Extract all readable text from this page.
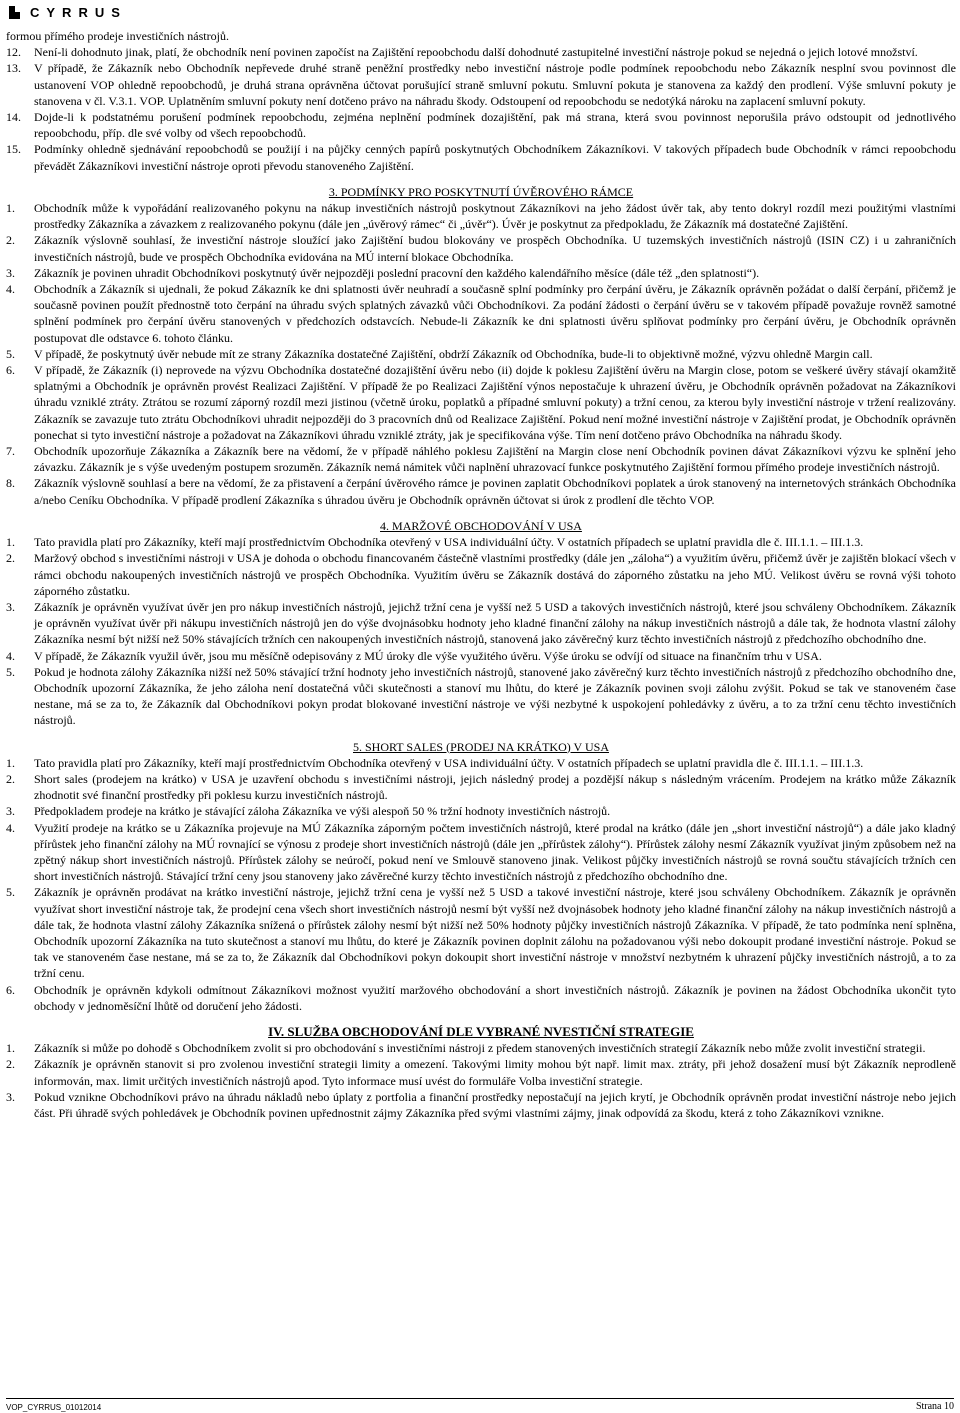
CYRRUS

formou přímého prodeje investičních nástrojů.

12. Není-li dohodnuto jinak, platí, že obchodník není povinen započíst na Zajištění repoobchodu další dohodnuté zastupitelné investiční nástroje pokud se nejedná o jejich lotové množství.

13. V případě, že Zákazník nebo Obchodník nepřevede druhé straně peněžní prostředky nebo investiční nástroje podle podmínek repoobchodu nebo Zákazník nesplní svou povinnost dle ustanovení VOP ohledně repoobchodů, je druhá strana oprávněna účtovat porušující straně smluvní pokutu. Smluvní pokuta je stanovena za každý den prodlení. Výše smluvní pokuty je stanovena v čl. V.3.1. VOP. Uplatněním smluvní pokuty není dotčeno právo na náhradu škody. Odstoupení od repoobchodu se nedotýká nároku na zaplacení smluvní pokuty.

14. Dojde-li k podstatnému porušení podmínek repoobchodu, zejména neplnění podmínek dozajištění, pak má strana, která svou povinnost neporušila právo odstoupit od jednotlivého repoobchodu, příp. dle své volby od všech repoobchodů.

15. Podmínky ohledně sjednávání repoobchodů se použijí i na půjčky cenných papírů poskytnutých Obchodníkem Zákazníkovi. V takových případech bude Obchodník v rámci repoobchodu převádět Zákazníkovi investiční nástroje oproti převodu stanoveného Zajištění.

3. PODMÍNKY PRO POSKYTNUTÍ ÚVĚROVÉHO RÁMCE

1. Obchodník může k vypořádání realizovaného pokynu na nákup investičních nástrojů poskytnout Zákazníkovi na jeho žádost úvěr tak, aby tento dokryl rozdíl mezi použitými vlastními prostředky Zákazníka a závazkem z realizovaného pokynu (dále jen „úvěrový rámec“ či „úvěr“). Úvěr je poskytnut za předpokladu, že Zákazník má dostatečné Zajištění.

2. Zákazník výslovně souhlasí, že investiční nástroje sloužící jako Zajištění budou blokovány ve prospěch Obchodníka. U tuzemských investičních nástrojů (ISIN CZ) i u zahraničních investičních nástrojů, bude ve prospěch Obchodníka evidována na MÚ interní blokace Obchodníka.

3. Zákazník je povinen uhradit Obchodníkovi poskytnutý úvěr nejpozději poslední pracovní den každého kalendářního měsíce (dále též „den splatnosti“).

4. Obchodník a Zákazník si ujednali, že pokud Zákazník ke dni splatnosti úvěr neuhradí a současně splní podmínky pro čerpání úvěru, je Zákazník oprávněn požádat o další čerpání, přičemž je současně povinen použít přednostně toto čerpání na úhradu svých splatných závazků vůči Obchodníkovi. Za podání žádosti o čerpání úvěru se v takovém případě považuje rovněž samotné splnění podmínek pro čerpání úvěru stanovených v předchozích odstavcích. Nebude-li Zákazník ke dni splatnosti úvěru splňovat podmínky pro čerpání úvěru, je Obchodník oprávněn postupovat dle odstavce 6. tohoto článku.

5. V případě, že poskytnutý úvěr nebude mít ze strany Zákazníka dostatečné Zajištění, obdrží Zákazník od Obchodníka, bude-li to objektivně možné, výzvu ohledně Margin call.

6. V případě, že Zákazník (i) neprovede na výzvu Obchodníka dostatečné dozajištění úvěru nebo (ii) dojde k poklesu Zajištění úvěru na Margin close, potom se veškeré úvěry stávají okamžitě splatnými a Obchodník je oprávněn provést Realizaci Zajištění. V případě že po Realizaci Zajištění výnos nepostačuje k uhrazení úvěru, je Obchodník oprávněn požadovat na Zákazníkovi úhradu vzniklé ztráty. Ztrátou se rozumí záporný rozdíl mezi jistinou (včetně úroku, poplatků a případné smluvní pokuty) a tržní cenou, za kterou byly investiční nástroje v tržení realizovány. Zákazník se zavazuje tuto ztrátu Obchodníkovi uhradit nejpozději do 3 pracovních dnů od Realizace Zajištění. Pokud není možné investiční nástroje v Zajištění prodat, je Obchodník oprávněn ponechat si tyto investiční nástroje a požadovat na Zákazníkovi úhradu vzniklé ztráty, jak je specifikována výše. Tím není dotčeno právo Obchodníka na náhradu škody.

7. Obchodník upozorňuje Zákazníka a Zákazník bere na vědomí, že v případě náhlého poklesu Zajištění na Margin close není Obchodník povinen dávat Zákazníkovi výzvu ke splnění jeho závazku. Zákazník je s výše uvedeným postupem srozuměn. Zákazník nemá námitek vůči naplnění uhrazovací funkce poskytnutého Zajištění formou přímého prodeje investičních nástrojů.

8. Zákazník výslovně souhlasí a bere na vědomí, že za přistavení a čerpání úvěrového rámce je povinen zaplatit Obchodníkovi poplatek a úrok stanovený na internetových stránkách Obchodníka a/nebo Ceníku Obchodníka. V případě prodlení Zákazníka s úhradou úvěru je Obchodník oprávněn účtovat si úrok z prodlení dle těchto VOP.

4. MARŽOVÉ OBCHODOVÁNÍ V USA

1. Tato pravidla platí pro Zákazníky, kteří mají prostřednictvím Obchodníka otevřený v USA individuální účty. V ostatních případech se uplatní pravidla dle č. III.1.1. – III.1.3.

2. Maržový obchod s investičními nástroji v USA je dohoda o obchodu financovaném částečně vlastními prostředky (dále jen „záloha“) a využitím úvěru, přičemž úvěr je zajištěn blokací všech v rámci obchodu nakoupených investičních nástrojů ve prospěch Obchodníka. Využitím úvěru se Zákazník dostává do záporného zůstatku na jeho MÚ. Velikost úvěru se rovná výši tohoto záporného zůstatku.

3. Zákazník je oprávněn využívat úvěr jen pro nákup investičních nástrojů, jejichž tržní cena je vyšší než 5 USD a takových investičních nástrojů, které jsou schváleny Obchodníkem. Zákazník je oprávněn využívat úvěr při nákupu investičních nástrojů jen do výše dvojnásobku hodnoty jeho kladné finanční zálohy na nákup investičních nástrojů a dále tak, že hodnota vlastní zálohy Zákazníka nesmí být nižší než 50% stávajících tržních cen nakoupených investičních nástrojů, stanovená jako závěrečný kurz těchto investičních nástrojů z předchozího obchodního dne.

4. V případě, že Zákazník využil úvěr, jsou mu měsíčně odepisovány z MÚ úroky dle výše využitého úvěru. Výše úroku se odvíjí od situace na finančním trhu v USA.

5. Pokud je hodnota zálohy Zákazníka nižší než 50% stávající tržní hodnoty jeho investičních nástrojů, stanovené jako závěrečný kurz těchto investičních nástrojů z předchozího obchodního dne, Obchodník upozorní Zákazníka, že jeho záloha není dostatečná vůči skutečnosti a stanoví mu lhůtu, do které je Zákazník povinen svoji zálohu zvýšit. Pokud se tak ve stanoveném čase nestane, má se za to, že Zákazník dal Obchodníkovi pokyn prodat blokované investiční nástroje ve výši nezbytné k uspokojení pohledávky z úvěru, a to za tržní cenu těchto investičních nástrojů.

5. SHORT SALES (PRODEJ NA KRÁTKO) V USA

1. Tato pravidla platí pro Zákazníky, kteří mají prostřednictvím Obchodníka otevřený v USA individuální účty. V ostatních případech se uplatní pravidla dle č. III.1.1. – III.1.3.

2. Short sales (prodejem na krátko) v USA je uzavření obchodu s investičními nástroji, jejich následný prodej a pozdější nákup s následným vrácením. Prodejem na krátko může Zákazník zhodnotit své finanční prostředky při poklesu kurzu investičních nástrojů.

3. Předpokladem prodeje na krátko je stávající záloha Zákazníka ve výši alespoň 50 % tržní hodnoty investičních nástrojů.

4. Využití prodeje na krátko se u Zákazníka projevuje na MÚ Zákazníka záporným počtem investičních nástrojů, které prodal na krátko (dále jen „short investiční nástrojů“) a dále jako kladný přírůstek jeho finanční zálohy na MÚ rovnající se výnosu z prodeje short investičních nástrojů (dále jen „přírůstek zálohy“). Přírůstek zálohy nesmí Zákazník využívat jiným způsobem než na zpětný nákup short investičních nástrojů. Přírůstek zálohy se neúročí, pokud není ve Smlouvě stanoveno jinak. Velikost půjčky investičních nástrojů se rovná součtu stávajících tržních cen short investičních nástrojů. Stávající tržní ceny jsou stanoveny jako závěrečné kurzy těchto investičních nástrojů z předchozího obchodního dne.

5. Zákazník je oprávněn prodávat na krátko investiční nástroje, jejichž tržní cena je vyšší než 5 USD a takové investiční nástroje, které jsou schváleny Obchodníkem. Zákazník je oprávněn využívat short investiční nástroje tak, že prodejní cena všech short investičních nástrojů nesmí být vyšší než dvojnásobek hodnoty jeho kladné finanční zálohy na nákup investičních nástrojů a dále tak, že hodnota vlastní zálohy Zákazníka snížená o přírůstek zálohy nesmí být nižší než 50% hodnoty půjčky investičních nástrojů Zákazníka. V případě, že tato podmínka není splněna, Obchodník upozorní Zákazníka na tuto skutečnost a stanoví mu lhůtu, do které je Zákazník povinen doplnit zálohu na požadovanou výši nebo dokoupit prodané investiční nástroje. Pokud se tak ve stanoveném čase nestane, má se za to, že Zákazník dal Obchodníkovi pokyn dokoupit short investiční nástroje v množství nezbytném k uhrazení půjčky investičních nástrojů, a to za tržní cenu.

6. Obchodník je oprávněn kdykoli odmítnout Zákazníkovi možnost využití maržového obchodování a short investičních nástrojů. Zákazník je povinen na žádost Obchodníka ukončit tyto obchody v jednoměsíční lhůtě od doručení jeho žádosti.

IV. SLUŽBA OBCHODOVÁNÍ DLE VYBRANÉ NVESTIČNÍ STRATEGIE

1. Zákazník si může po dohodě s Obchodníkem zvolit si pro obchodování s investičními nástroji z předem stanovených investičních strategií Zákazník nebo může zvolit investiční strategii.

2. Zákazník je oprávněn stanovit si pro zvolenou investiční strategii limity a omezení. Takovými limity mohou být např. limit max. ztráty, při jehož dosažení musí být Zákazník neprodleně informován, max. limit určitých investičních nástrojů apod. Tyto informace musí uvést do formuláře Volba investiční strategie.

3. Pokud vznikne Obchodníkovi právo na úhradu nákladů nebo úplaty z portfolia a finanční prostředky nepostačují na jejich krytí, je Obchodník oprávněn prodat investiční nástroje nebo jejich část. Při úhradě svých pohledávek je Obchodník povinen upřednostnit zájmy Zákazníka před svými vlastními zájmy, jinak odpovídá za škodu, která z toho Zákazníkovi vznikne.

VOP_CYRRUS_01012014	Strana 10
